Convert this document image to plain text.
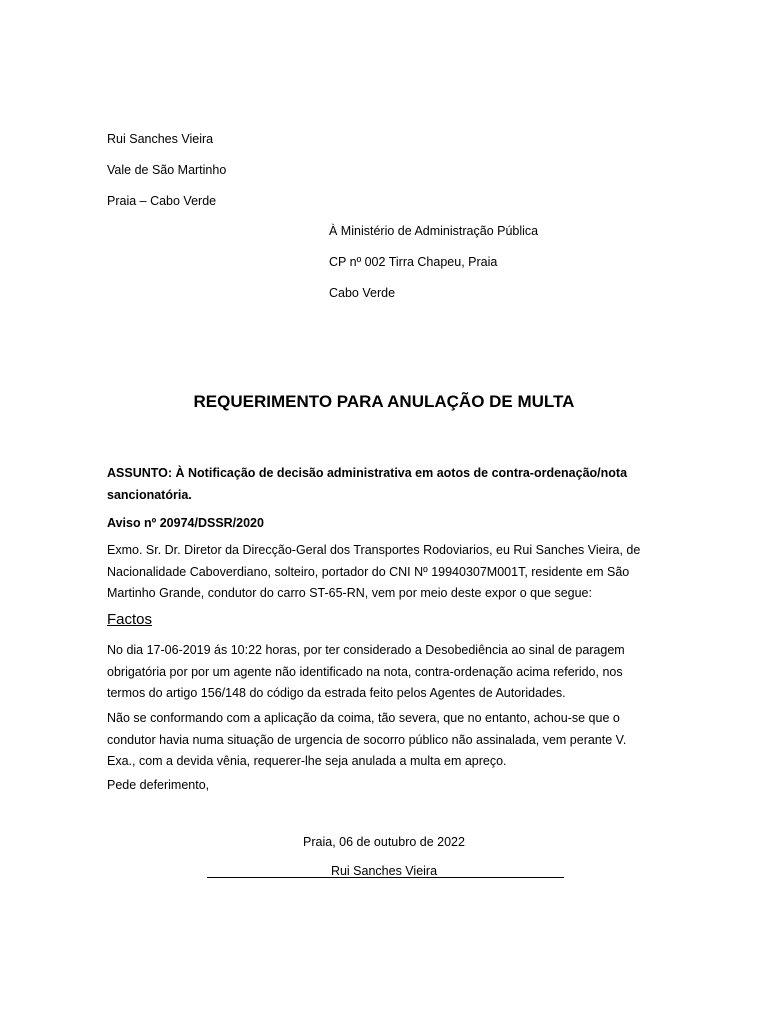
Rui Sanches Vieira
Vale de São Martinho
Praia – Cabo Verde
À Ministério de Administração Pública
CP nº 002 Tirra Chapeu, Praia
Cabo Verde
REQUERIMENTO PARA ANULAÇÃO DE MULTA
ASSUNTO: À Notificação de decisão administrativa em aotos de contra-ordenação/nota
sancionatória.
Aviso nº 20974/DSSR/2020
Exmo. Sr. Dr. Diretor da Direcção-Geral dos Transportes Rodoviarios, eu Rui Sanches Vieira, de
Nacionalidade Caboverdiano, solteiro, portador do CNI Nº 19940307M001T, residente em São
Martinho Grande, condutor do carro ST-65-RN, vem por meio deste expor o que segue:
Factos
No dia 17-06-2019 ás 10:22 horas, por ter considerado a Desobediência ao sinal de paragem
obrigatória por por um agente não identificado na nota, contra-ordenação acima referido, nos
termos do artigo 156/148 do código da estrada feito pelos Agentes de Autoridades.
Não se conformando com a aplicação da coima, tão severa, que no entanto, achou-se que o
condutor havia numa situação de urgencia de socorro público não assinalada, vem perante V.
Exa., com a devida vênia, requerer-lhe seja anulada a multa em apreço.
Pede deferimento,
Praia, 06 de outubro de 2022
Rui Sanches Vieira
